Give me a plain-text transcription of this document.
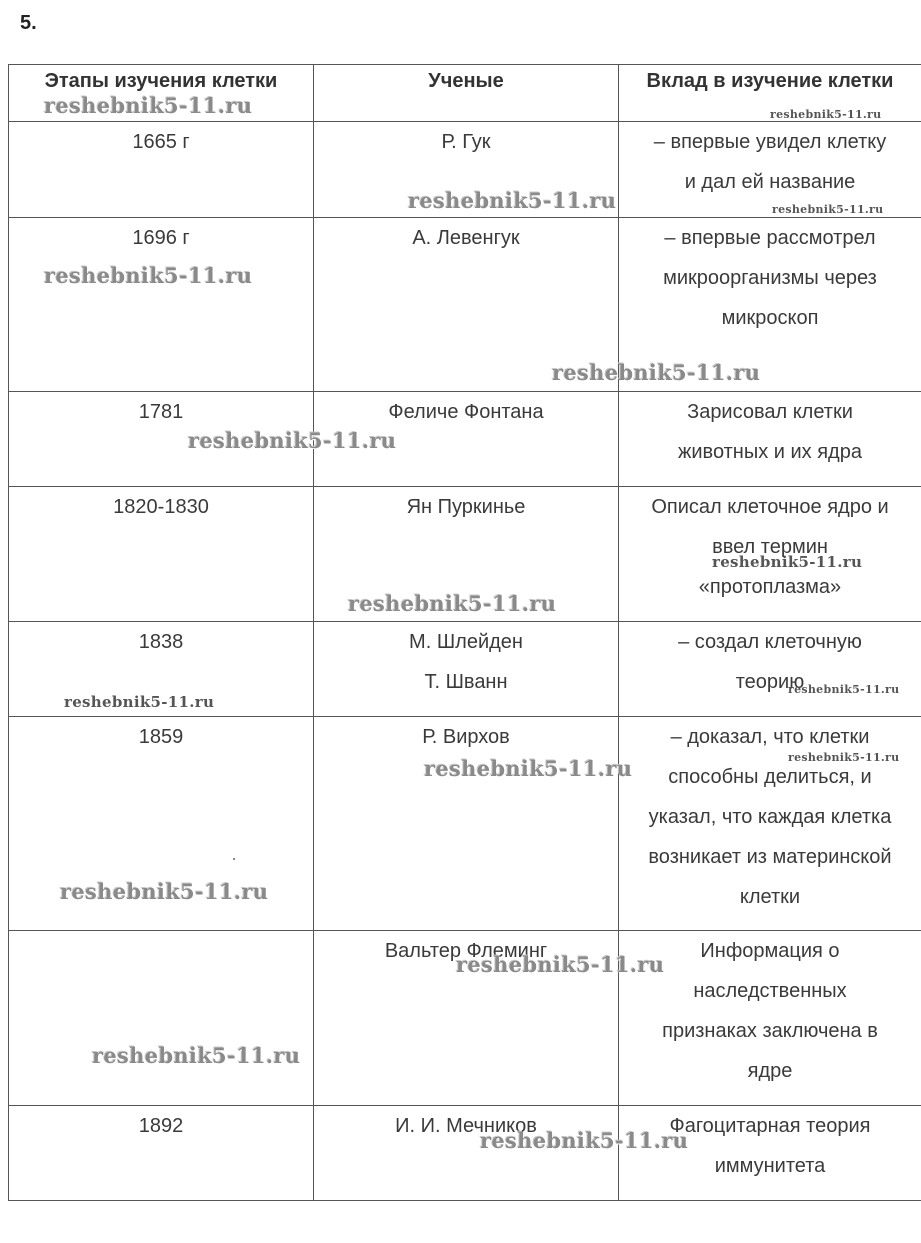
5.
Этапы изучения клетки	Ученые	Вклад в изучение клетки

1665 г	Р. Гук	– впервые увидел клетку
и дал ей название

1696 г	А. Левенгук	– впервые рассмотрел
микроорганизмы через
микроскоп

1781	Феличе Фонтана	Зарисовал клетки
животных и их ядра

1820-1830	Ян Пуркинье	Описал клеточное ядро и
ввел термин
«протоплазма»

1838	М. Шлейден
Т. Шванн	– создал клеточную
теорию

1859	Р. Вирхов	– доказал, что клетки
способны делиться, и
указал, что каждая клетка
возникает из материнской
клетки

	Вальтер Флеминг	Информация о
наследственных
признаках заключена в
ядре

1892	И. И. Мечников	Фагоцитарная теория
иммунитета
reshebnik5-11.ru	reshebnik5-11.ru
reshebnik5-11.ru	reshebnik5-11.ru
reshebnik5-11.ru
reshebnik5-11.ru
reshebnik5-11.ru
reshebnik5-11.ru
reshebnik5-11.ru
reshebnik5-11.ru
reshebnik5-11.ru
reshebnik5-11.ru
reshebnik5-11.ru
reshebnik5-11.ru
reshebnik5-11.ru
reshebnik5-11.ru
reshebnik5-11.ru
